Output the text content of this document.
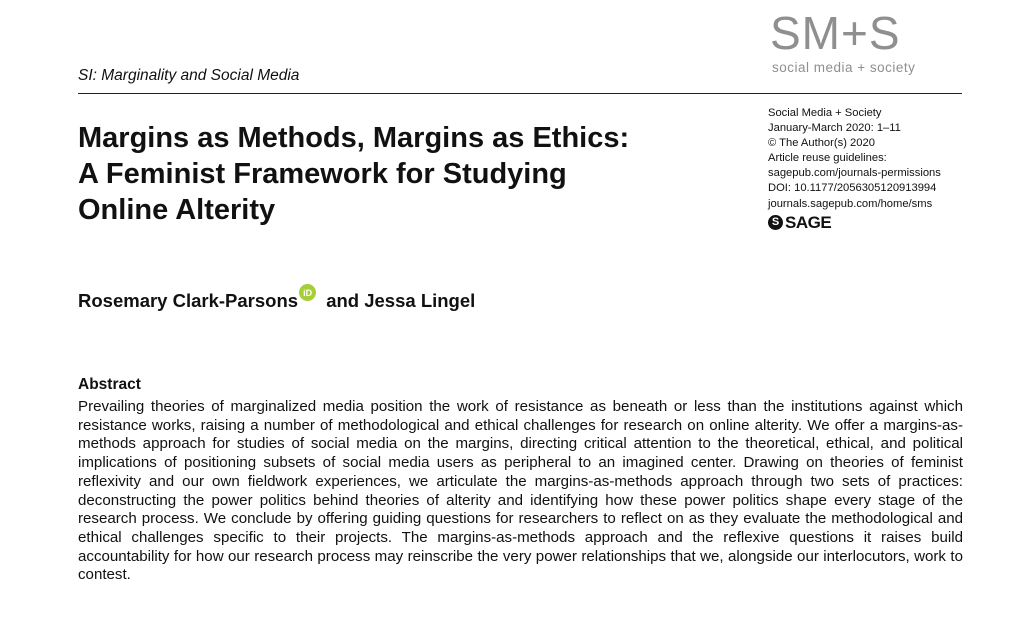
SM+S
social media + society
SI: Marginality and Social Media
Margins as Methods, Margins as Ethics:
A Feminist Framework for Studying
Online Alterity
Social Media + Society
January-March 2020: 1–11
© The Author(s) 2020
Article reuse guidelines:
sagepub.com/journals-permissions
DOI: 10.1177/2056305120913994
journals.sagepub.com/home/sms
S SAGE
Rosemary Clark-Parsons iD and Jessa Lingel
Abstract

Prevailing theories of marginalized media position the work of resistance as beneath or less than the institutions against which resistance works, raising a number of methodological and ethical challenges for research on online alterity. We offer a margins-as-methods approach for studies of social media on the margins, directing critical attention to the theoretical, ethical, and political implications of positioning subsets of social media users as peripheral to an imagined center. Drawing on theories of feminist reflexivity and our own fieldwork experiences, we articulate the margins-as-methods approach through two sets of practices: deconstructing the power politics behind theories of alterity and identifying how these power politics shape every stage of the research process. We conclude by offering guiding questions for researchers to reflect on as they evaluate the methodological and ethical challenges specific to their projects. The margins-as-methods approach and the reflexive questions it raises build accountability for how our research process may reinscribe the very power relationships that we, alongside our interlocutors, work to contest.
